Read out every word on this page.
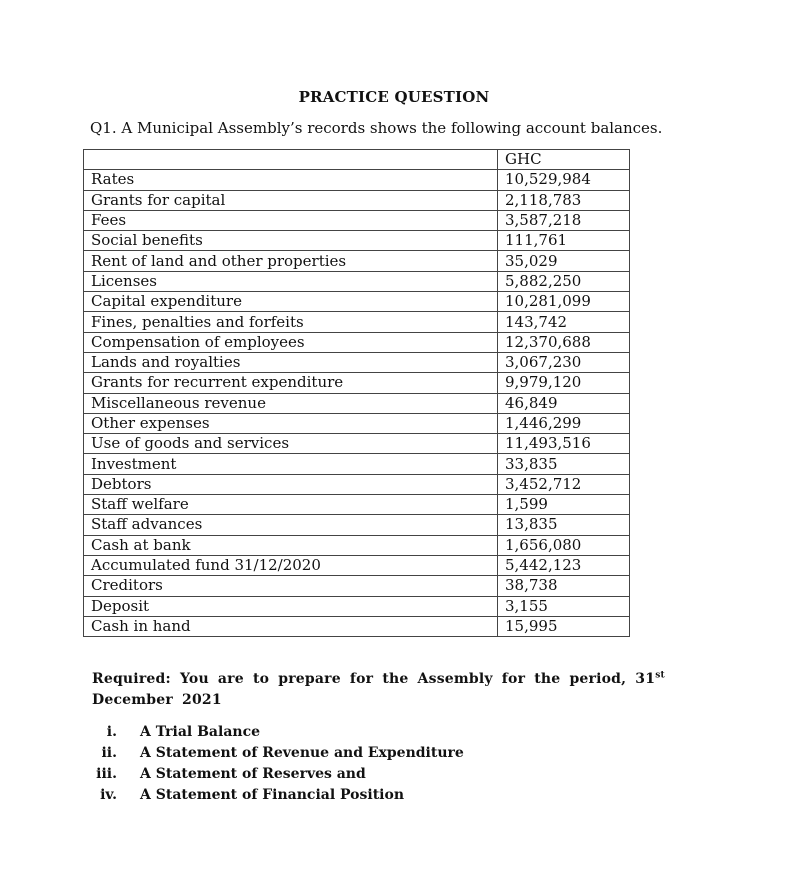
PRACTICE QUESTION
Q1. A Municipal Assembly’s records shows the following account balances.
	GHC
Rates	10,529,984
Grants for capital	2,118,783
Fees	3,587,218
Social benefits	111,761
Rent of land and other properties	35,029
Licenses	5,882,250
Capital expenditure	10,281,099
Fines, penalties and forfeits	143,742
Compensation of employees	12,370,688
Lands and royalties	3,067,230
Grants for recurrent expenditure	9,979,120
Miscellaneous revenue	46,849
Other expenses	1,446,299
Use of goods and services	11,493,516
Investment	33,835
Debtors	3,452,712
Staff welfare	1,599
Staff advances	13,835
Cash at bank	1,656,080
Accumulated fund 31/12/2020	5,442,123
Creditors	38,738
Deposit	3,155
Cash in hand	15,995
Required: You are to prepare for the Assembly for the period, 31st
December 2021
i.	A Trial Balance
ii.	A Statement of Revenue and Expenditure
iii.	A Statement of Reserves and
iv.	A Statement of Financial Position
